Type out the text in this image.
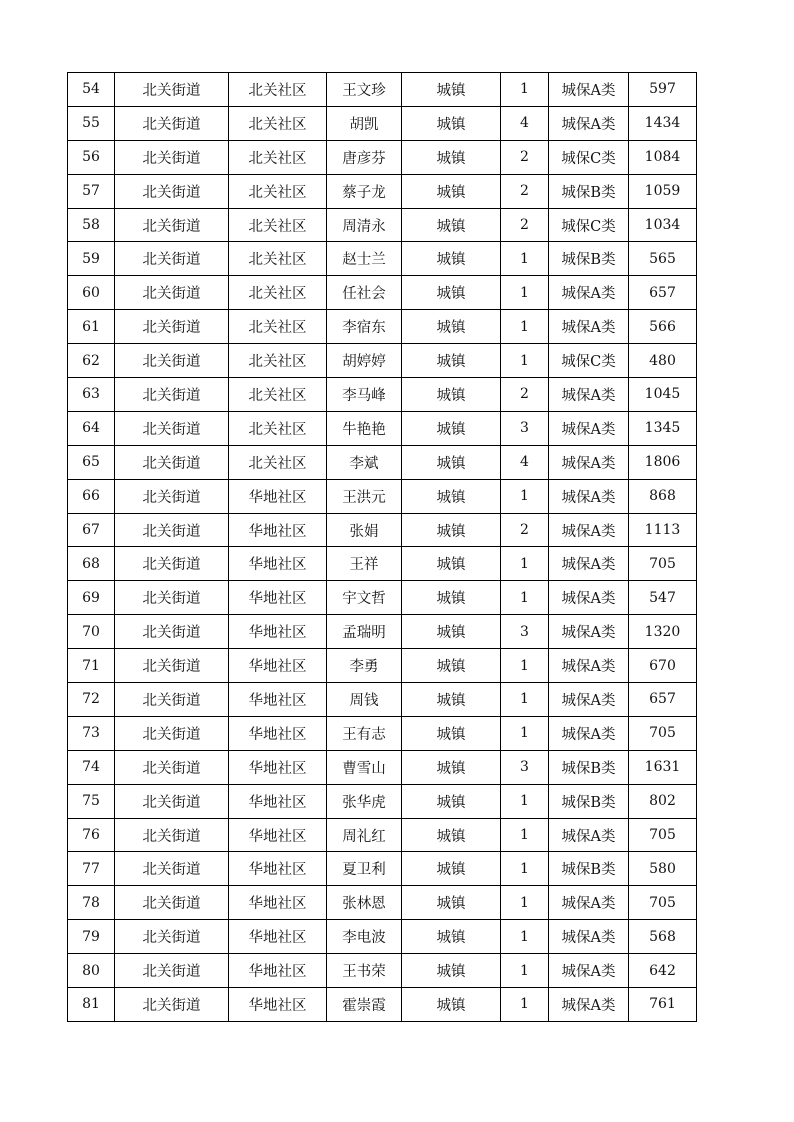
54	北关街道	北关社区	王文珍	城镇	1	城保A类	597
55	北关街道	北关社区	胡凯	城镇	4	城保A类	1434
56	北关街道	北关社区	唐彦芬	城镇	2	城保C类	1084
57	北关街道	北关社区	蔡子龙	城镇	2	城保B类	1059
58	北关街道	北关社区	周清永	城镇	2	城保C类	1034
59	北关街道	北关社区	赵士兰	城镇	1	城保B类	565
60	北关街道	北关社区	任社会	城镇	1	城保A类	657
61	北关街道	北关社区	李宿东	城镇	1	城保A类	566
62	北关街道	北关社区	胡婷婷	城镇	1	城保C类	480
63	北关街道	北关社区	李马峰	城镇	2	城保A类	1045
64	北关街道	北关社区	牛艳艳	城镇	3	城保A类	1345
65	北关街道	北关社区	李斌	城镇	4	城保A类	1806
66	北关街道	华地社区	王洪元	城镇	1	城保A类	868
67	北关街道	华地社区	张娟	城镇	2	城保A类	1113
68	北关街道	华地社区	王祥	城镇	1	城保A类	705
69	北关街道	华地社区	宇文哲	城镇	1	城保A类	547
70	北关街道	华地社区	孟瑞明	城镇	3	城保A类	1320
71	北关街道	华地社区	李勇	城镇	1	城保A类	670
72	北关街道	华地社区	周钱	城镇	1	城保A类	657
73	北关街道	华地社区	王有志	城镇	1	城保A类	705
74	北关街道	华地社区	曹雪山	城镇	3	城保B类	1631
75	北关街道	华地社区	张华虎	城镇	1	城保B类	802
76	北关街道	华地社区	周礼红	城镇	1	城保A类	705
77	北关街道	华地社区	夏卫利	城镇	1	城保B类	580
78	北关街道	华地社区	张林恩	城镇	1	城保A类	705
79	北关街道	华地社区	李电波	城镇	1	城保A类	568
80	北关街道	华地社区	王书荣	城镇	1	城保A类	642
81	北关街道	华地社区	霍崇霞	城镇	1	城保A类	761
